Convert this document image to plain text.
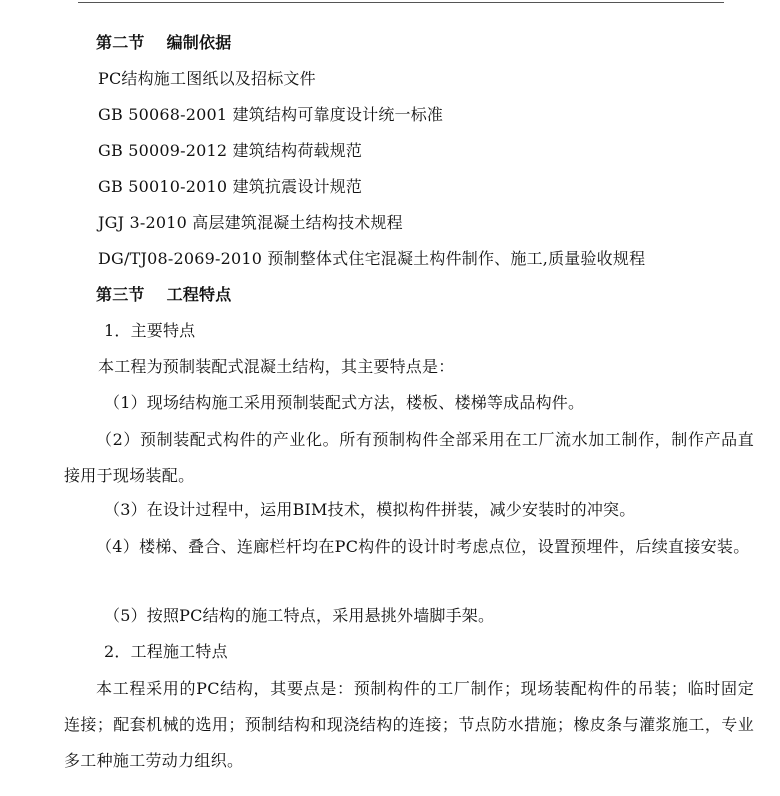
第二节 编制依据
PC结构施工图纸以及招标文件
GB 50068-2001 建筑结构可靠度设计统一标准
GB 50009-2012 建筑结构荷载规范
GB 50010-2010 建筑抗震设计规范
JGJ 3-2010 高层建筑混凝土结构技术规程
DG/TJ08-2069-2010 预制整体式住宅混凝土构件制作、施工,质量验收规程
第三节 工程特点
1．主要特点
本工程为预制装配式混凝土结构，其主要特点是：
（1）现场结构施工采用预制装配式方法，楼板、楼梯等成品构件。
（2）预制装配式构件的产业化。所有预制构件全部采用在工厂流水加工制作，制作产品直接用于现场装配。
（3）在设计过程中，运用BIM技术，模拟构件拼装，减少安装时的冲突。
（4）楼梯、叠合、连廊栏杆均在PC构件的设计时考虑点位，设置预埋件，后续直接安装。
（5）按照PC结构的施工特点，采用悬挑外墙脚手架。
2．工程施工特点
本工程采用的PC结构，其要点是：预制构件的工厂制作；现场装配构件的吊装；临时固定连接；配套机械的选用；预制结构和现浇结构的连接；节点防水措施；橡皮条与灌浆施工，专业多工种施工劳动力组织。
